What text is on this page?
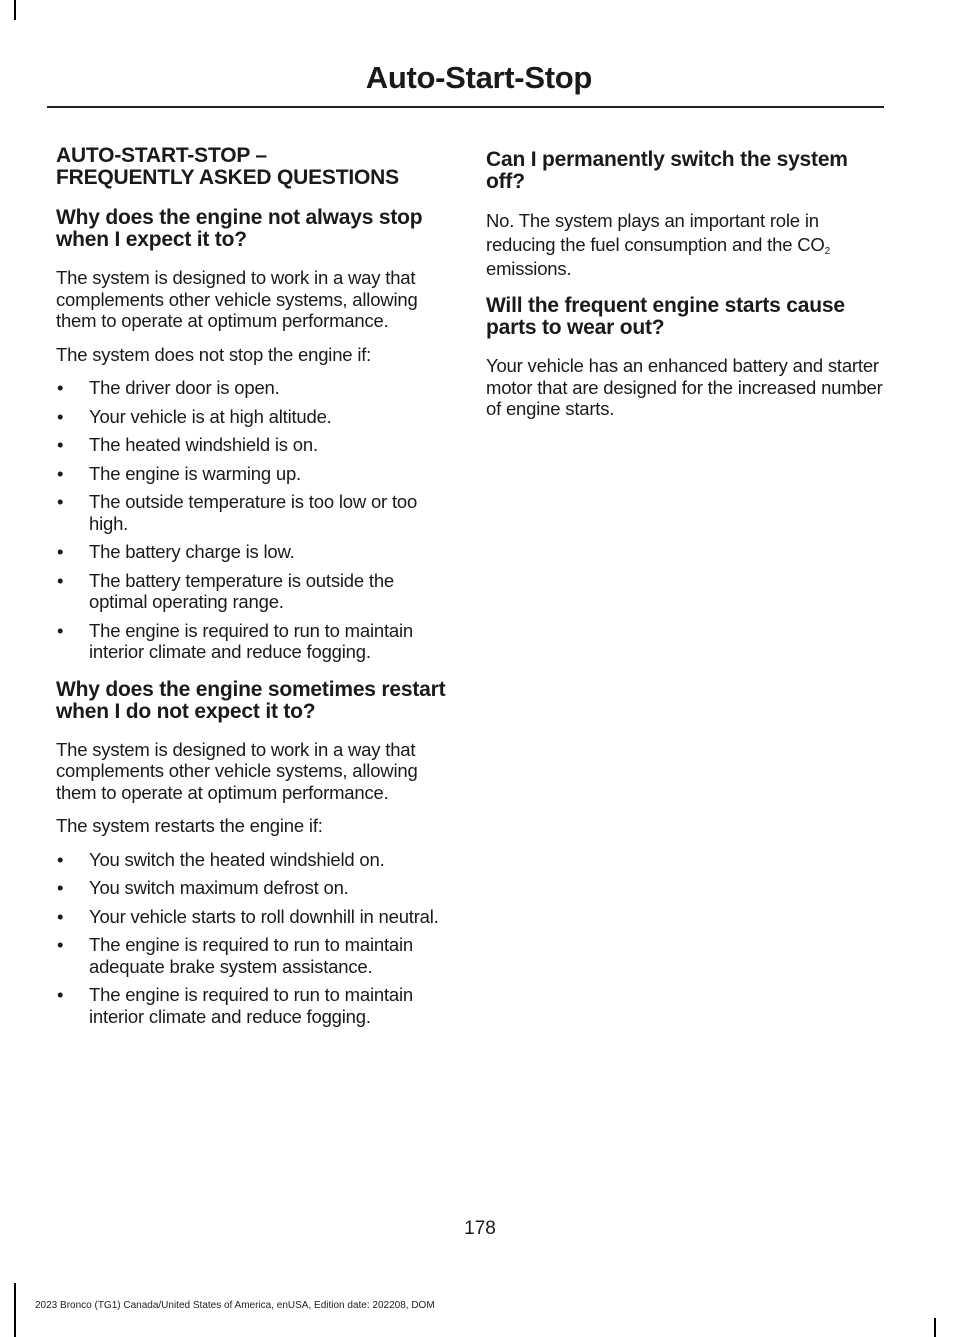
Auto-Start-Stop
AUTO-START-STOP –
FREQUENTLY ASKED QUESTIONS
Why does the engine not always stop when I expect it to?

The system is designed to work in a way that complements other vehicle systems, allowing them to operate at optimum performance.

The system does not stop the engine if:

• The driver door is open.
• Your vehicle is at high altitude.
• The heated windshield is on.
• The engine is warming up.
• The outside temperature is too low or too high.
• The battery charge is low.
• The battery temperature is outside the optimal operating range.
• The engine is required to run to maintain interior climate and reduce fogging.
Why does the engine sometimes restart when I do not expect it to?

The system is designed to work in a way that complements other vehicle systems, allowing them to operate at optimum performance.

The system restarts the engine if:

• You switch the heated windshield on.
• You switch maximum defrost on.
• Your vehicle starts to roll downhill in neutral.
• The engine is required to run to maintain adequate brake system assistance.
• The engine is required to run to maintain interior climate and reduce fogging.
Can I permanently switch the system off?

No. The system plays an important role in reducing the fuel consumption and the $CO_2$ emissions.

Will the frequent engine starts cause parts to wear out?

Your vehicle has an enhanced battery and starter motor that are designed for the increased number of engine starts.

178
2023 Bronco (TG1) Canada/United States of America, enUSA, Edition date: 202208, DOM
